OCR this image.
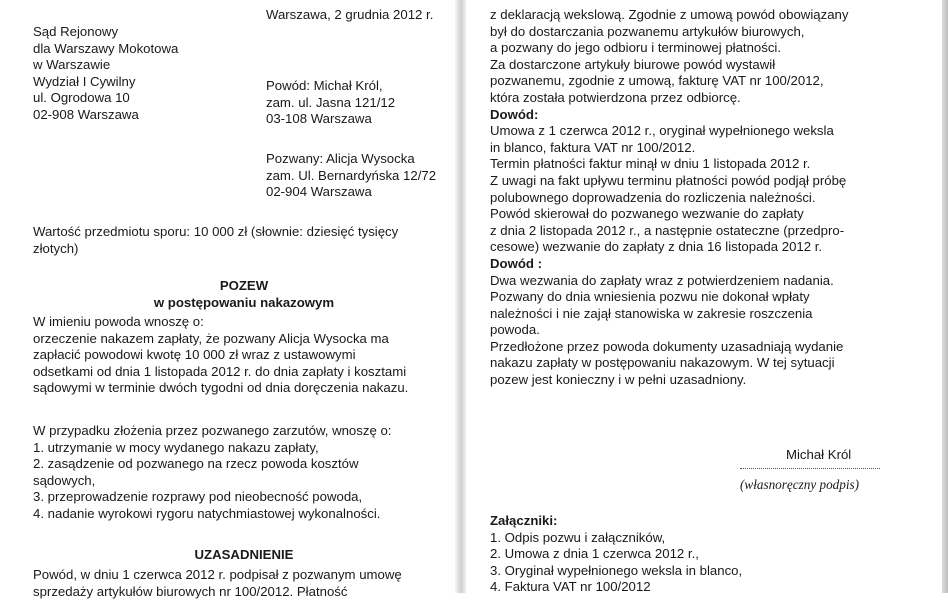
Warszawa, 2 grudnia 2012 r.

Sąd Rejonowy
dla Warszawy Mokotowa
w Warszawie
Wydział I Cywilny
ul. Ogrodowa 10
02-908 Warszawa
Powód: Michał Król,
zam. ul. Jasna 121/12
03-108 Warszawa
Pozwany: Alicja Wysocka
zam. Ul. Bernardyńska 12/72
02-904 Warszawa
Wartość przedmiotu sporu: 10 000 zł (słownie: dziesięć tysięcy
złotych)
POZEW
w postępowaniu nakazowym
W imieniu powoda wnoszę o:
orzeczenie nakazem zapłaty, że pozwany Alicja Wysocka ma
zapłacić powodowi kwotę 10 000 zł wraz z ustawowymi
odsetkami od dnia 1 listopada 2012 r. do dnia zapłaty i kosztami
sądowymi w terminie dwóch tygodni od dnia doręczenia nakazu.
W przypadku złożenia przez pozwanego zarzutów, wnoszę o:
1. utrzymanie w mocy wydanego nakazu zapłaty,
2. zasądzenie od pozwanego na rzecz powoda kosztów
sądowych,
3. przeprowadzenie rozprawy pod nieobecność powoda,
4. nadanie wyrokowi rygoru natychmiastowej wykonalności.

UZASADNIENIE

Powód, w dniu 1 czerwca 2012 r. podpisał z pozwanym umowę
sprzedaży artykułów biurowych nr 100/2012. Płatność
z deklaracją wekslową. Zgodnie z umową powód obowiązany
był do dostarczania pozwanemu artykułów biurowych,
a pozwany do jego odbioru i terminowej płatności.
Za dostarczone artykuły biurowe powód wystawił
pozwanemu, zgodnie z umową, fakturę VAT nr 100/2012,
która została potwierdzona przez odbiorcę.
Dowód:
Umowa z 1 czerwca 2012 r., oryginał wypełnionego weksla
in blanco, faktura VAT nr 100/2012.
Termin płatności faktur minął w dniu 1 listopada 2012 r.
Z uwagi na fakt upływu terminu płatności powód podjął próbę
polubownego doprowadzenia do rozliczenia należności.
Powód skierował do pozwanego wezwanie do zapłaty
z dnia 2 listopada 2012 r., a następnie ostateczne (przedpro-
cesowe) wezwanie do zapłaty z dnia 16 listopada 2012 r.
Dowód :
Dwa wezwania do zapłaty wraz z potwierdzeniem nadania.
Pozwany do dnia wniesienia pozwu nie dokonał wpłaty
należności i nie zajął stanowiska w zakresie roszczenia
powoda.
Przedłożone przez powoda dokumenty uzasadniają wydanie
nakazu zapłaty w postępowaniu nakazowym. W tej sytuacji
pozew jest konieczny i w pełni uzasadniony.

Michał Król

(własnoręczny podpis)

Załączniki:
1. Odpis pozwu i załączników,
2. Umowa z dnia 1 czerwca 2012 r.,
3. Oryginał wypełnionego weksla in blanco,
4. Faktura VAT nr 100/2012
